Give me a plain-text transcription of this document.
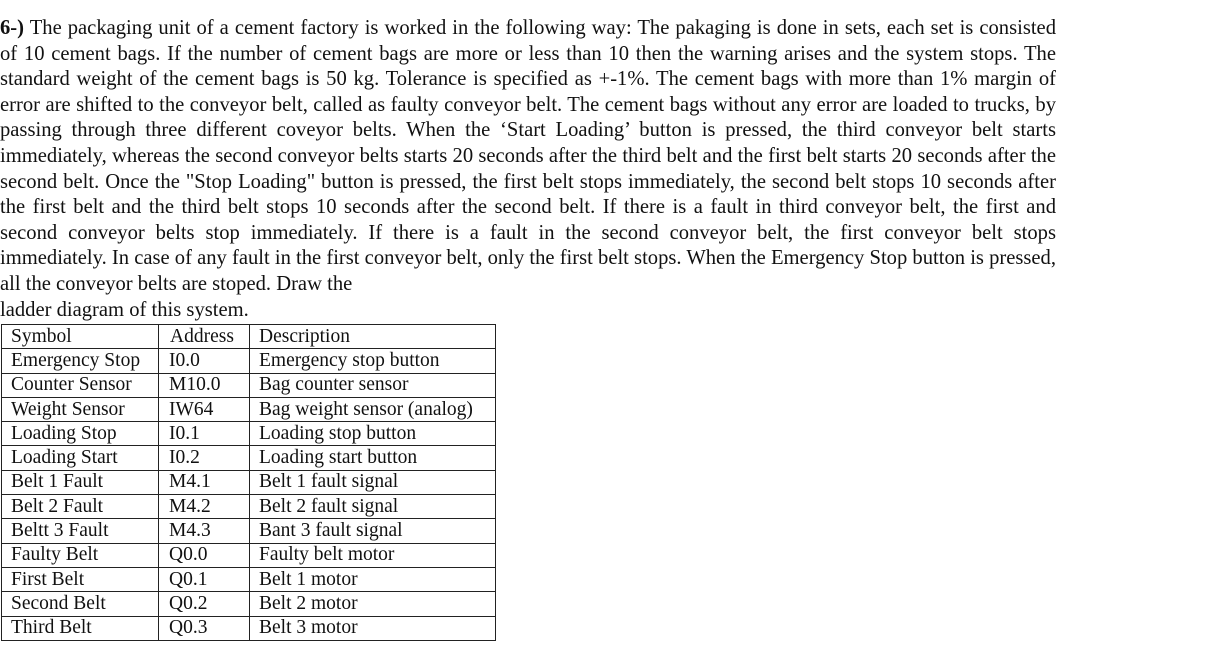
6-) The packaging unit of a cement factory is worked in the following way: The pakaging is done in sets, each set is consisted of 10 cement bags. If the number of cement bags are more or less than 10 then the warning arises and the system stops. The standard weight of the cement bags is 50 kg. Tolerance is specified as +-1%. The cement bags with more than 1% margin of error are shifted to the conveyor belt, called as faulty conveyor belt. The cement bags without any error are loaded to trucks, by passing through three different coveyor belts. When the ‘Start Loading’ button is pressed, the third conveyor belt starts immediately, whereas the second conveyor belts starts 20 seconds after the third belt and the first belt starts 20 seconds after the second belt. Once the "Stop Loading" button is pressed, the first belt stops immediately, the second belt stops 10 seconds after the first belt and the third belt stops 10 seconds after the second belt. If there is a fault in third conveyor belt, the first and second conveyor belts stop immediately. If there is a fault in the second conveyor belt, the first conveyor belt stops immediately. In case of any fault in the first conveyor belt, only the first belt stops. When the Emergency Stop button is pressed, all the conveyor belts are stoped. Draw the

ladder diagram of this system.

Symbol	Address	Description
Emergency Stop	I0.0	Emergency stop button
Counter Sensor	M10.0	Bag counter sensor
Weight Sensor	IW64	Bag weight sensor (analog)
Loading Stop	I0.1	Loading stop button
Loading Start	I0.2	Loading start button
Belt 1 Fault	M4.1	Belt 1 fault signal
Belt 2 Fault	M4.2	Belt 2 fault signal
Beltt 3 Fault	M4.3	Bant 3 fault signal
Faulty Belt	Q0.0	Faulty belt motor
First Belt	Q0.1	Belt 1 motor
Second Belt	Q0.2	Belt 2 motor
Third Belt	Q0.3	Belt 3 motor
